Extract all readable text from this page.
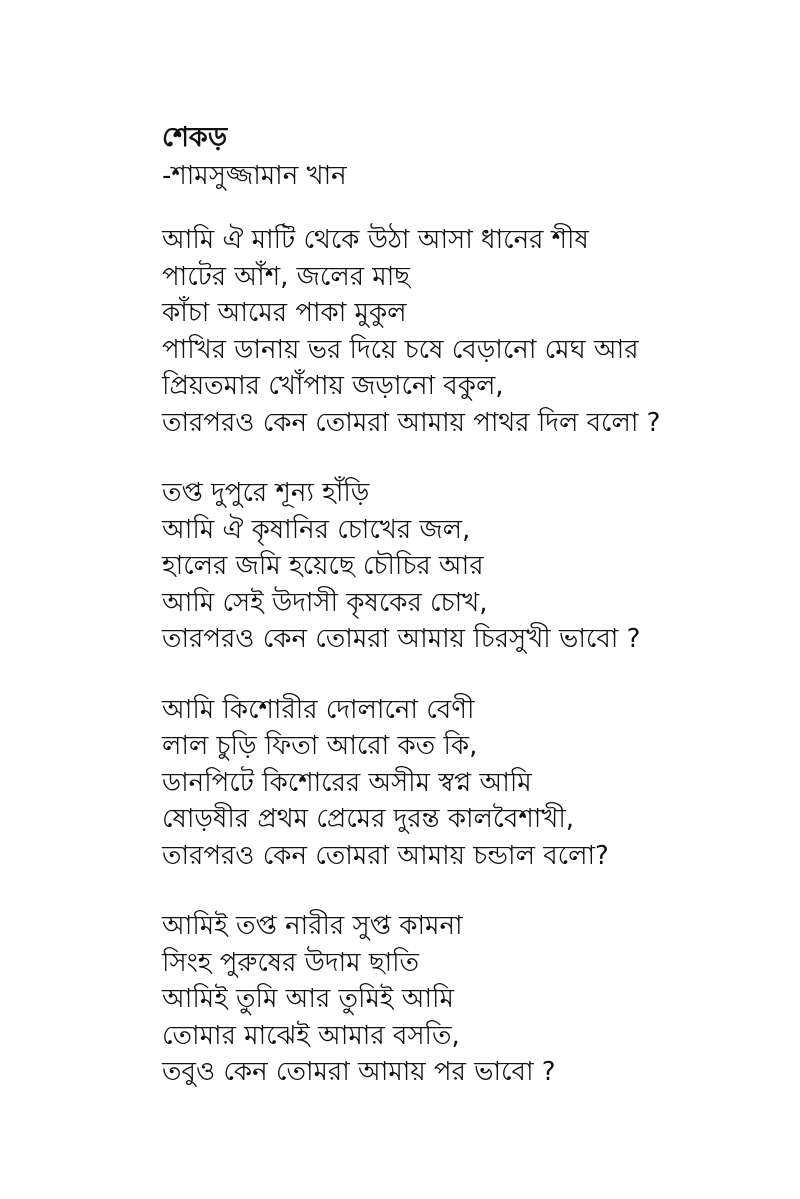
শেকড়
-শামসুজ্জামান খান
আমি ঐ মাটি থেকে উঠা আসা ধানের শীষ
পাটের আঁশ, জলের মাছ
কাঁচা আমের পাকা মুকুল
পাখির ডানায় ভর দিয়ে চষে বেড়ানো মেঘ আর
প্রিয়তমার খোঁপায় জড়ানো বকুল,
তারপরও কেন তোমরা আমায় পাথর দিল বলো ?
তপ্ত দুপুরে শূন্য হাঁড়ি
আমি ঐ কৃষানির চোখের জল,
হালের জমি হয়েছে চৌচির আর
আমি সেই উদাসী কৃষকের চোখ,
তারপরও কেন তোমরা আমায় চিরসুখী ভাবো ?
আমি কিশোরীর দোলানো বেণী
লাল চুড়ি ফিতা আরো কত কি,
ডানপিটে কিশোরের অসীম স্বপ্ন আমি
ষোড়ষীর প্রথম প্রেমের দুরন্ত কালবৈশাখী,
তারপরও কেন তোমরা আমায় চন্ডাল বলো?
আমিই তপ্ত নারীর সুপ্ত কামনা
সিংহ পুরুষের উদাম ছাতি
আমিই তুমি আর তুমিই আমি
তোমার মাঝেই আমার বসতি,
তবুও কেন তোমরা আমায় পর ভাবো ?
